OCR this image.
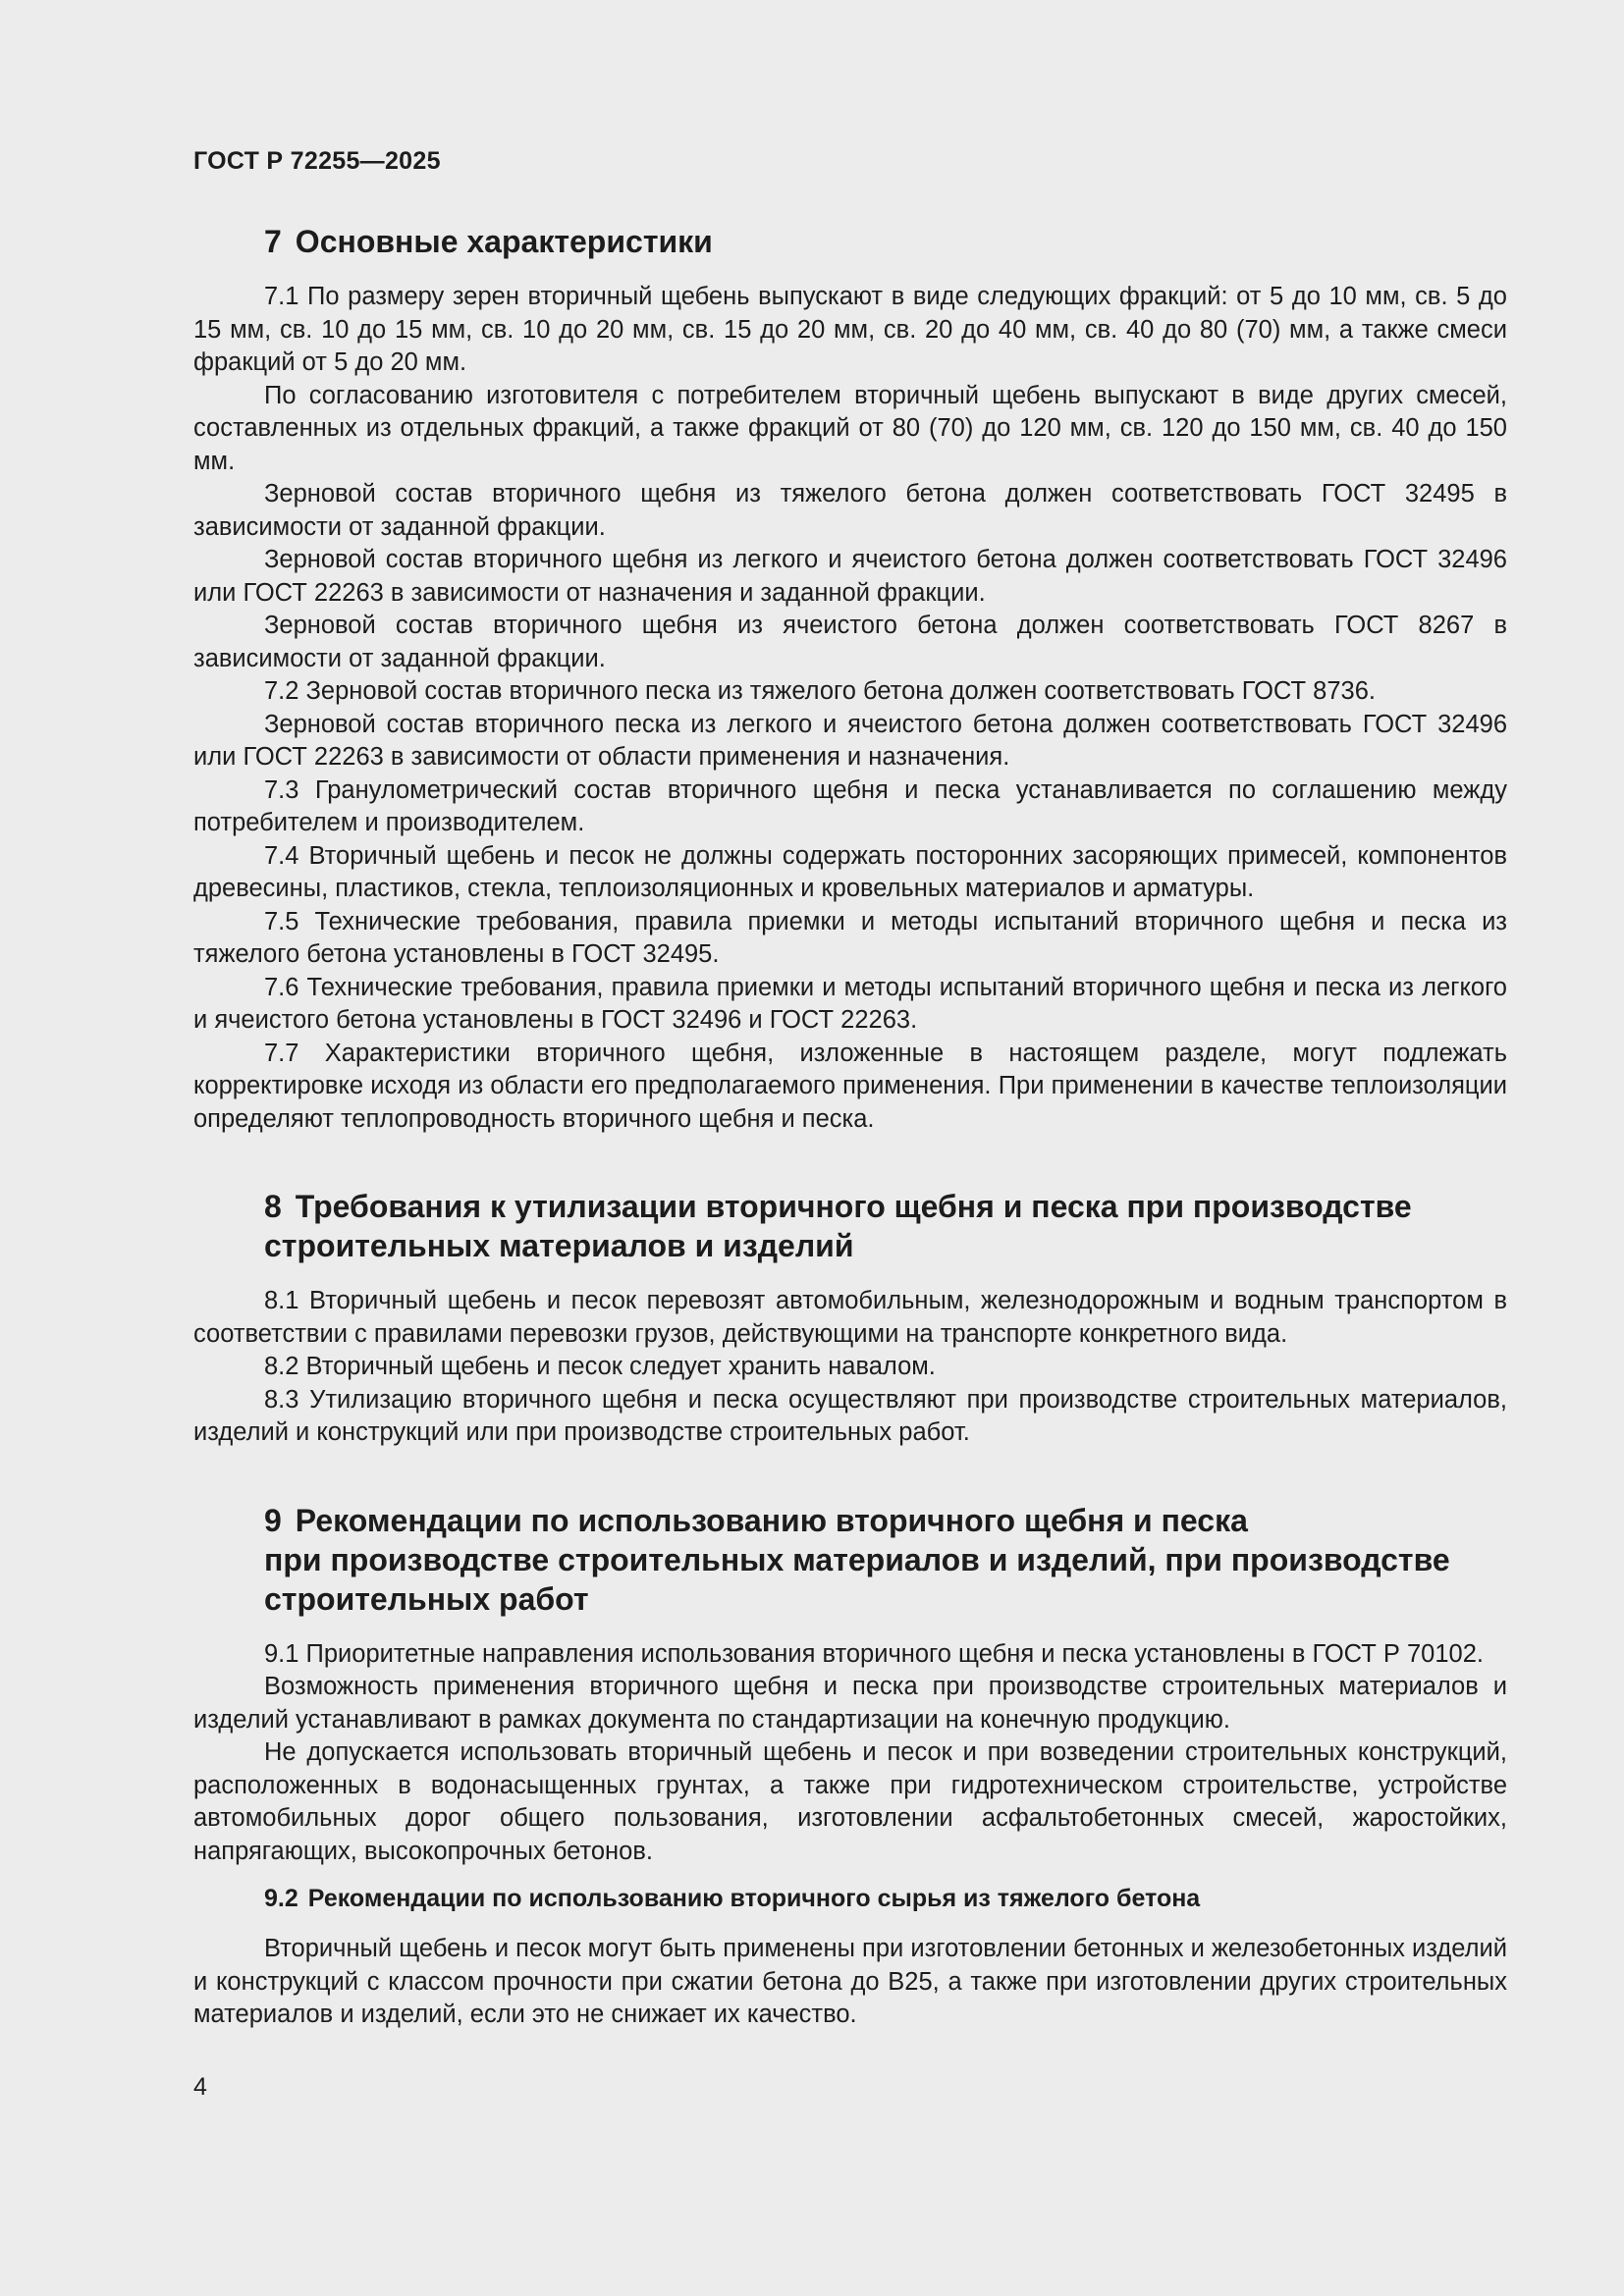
ГОСТ Р 72255—2025
7 Основные характеристики

7.1 По размеру зерен вторичный щебень выпускают в виде следующих фракций: от 5 до 10 мм, св. 5 до 15 мм, св. 10 до 15 мм, св. 10 до 20 мм, св. 15 до 20 мм, св. 20 до 40 мм, св. 40 до 80 (70) мм, а также смеси фракций от 5 до 20 мм.

По согласованию изготовителя с потребителем вторичный щебень выпускают в виде других смесей, составленных из отдельных фракций, а также фракций от 80 (70) до 120 мм, св. 120 до 150 мм, св. 40 до 150 мм.

Зерновой состав вторичного щебня из тяжелого бетона должен соответствовать ГОСТ 32495 в зависимости от заданной фракции.

Зерновой состав вторичного щебня из легкого и ячеистого бетона должен соответствовать ГОСТ 32496 или ГОСТ 22263 в зависимости от назначения и заданной фракции.

Зерновой состав вторичного щебня из ячеистого бетона должен соответствовать ГОСТ 8267 в зависимости от заданной фракции.

7.2 Зерновой состав вторичного песка из тяжелого бетона должен соответствовать ГОСТ 8736.

Зерновой состав вторичного песка из легкого и ячеистого бетона должен соответствовать ГОСТ 32496 или ГОСТ 22263 в зависимости от области применения и назначения.

7.3 Гранулометрический состав вторичного щебня и песка устанавливается по соглашению между потребителем и производителем.

7.4 Вторичный щебень и песок не должны содержать посторонних засоряющих примесей, компонентов древесины, пластиков, стекла, теплоизоляционных и кровельных материалов и арматуры.

7.5 Технические требования, правила приемки и методы испытаний вторичного щебня и песка из тяжелого бетона установлены в ГОСТ 32495.

7.6 Технические требования, правила приемки и методы испытаний вторичного щебня и песка из легкого и ячеистого бетона установлены в ГОСТ 32496 и ГОСТ 22263.

7.7 Характеристики вторичного щебня, изложенные в настоящем разделе, могут подлежать корректировке исходя из области его предполагаемого применения. При применении в качестве теплоизоляции определяют теплопроводность вторичного щебня и песка.

8 Требования к утилизации вторичного щебня и песка при производстве
строительных материалов и изделий

8.1 Вторичный щебень и песок перевозят автомобильным, железнодорожным и водным транспортом в соответствии с правилами перевозки грузов, действующими на транспорте конкретного вида.

8.2 Вторичный щебень и песок следует хранить навалом.

8.3 Утилизацию вторичного щебня и песка осуществляют при производстве строительных материалов, изделий и конструкций или при производстве строительных работ.

9 Рекомендации по использованию вторичного щебня и песка
при производстве строительных материалов и изделий, при производстве
строительных работ

9.1 Приоритетные направления использования вторичного щебня и песка установлены в ГОСТ Р 70102.

Возможность применения вторичного щебня и песка при производстве строительных материалов и изделий устанавливают в рамках документа по стандартизации на конечную продукцию.

Не допускается использовать вторичный щебень и песок и при возведении строительных конструкций, расположенных в водонасыщенных грунтах, а также при гидротехническом строительстве, устройстве автомобильных дорог общего пользования, изготовлении асфальтобетонных смесей, жаростойких, напрягающих, высокопрочных бетонов.

9.2 Рекомендации по использованию вторичного сырья из тяжелого бетона

Вторичный щебень и песок могут быть применены при изготовлении бетонных и железобетонных изделий и конструкций с классом прочности при сжатии бетона до В25, а также при изготовлении других строительных материалов и изделий, если это не снижает их качество.

4
